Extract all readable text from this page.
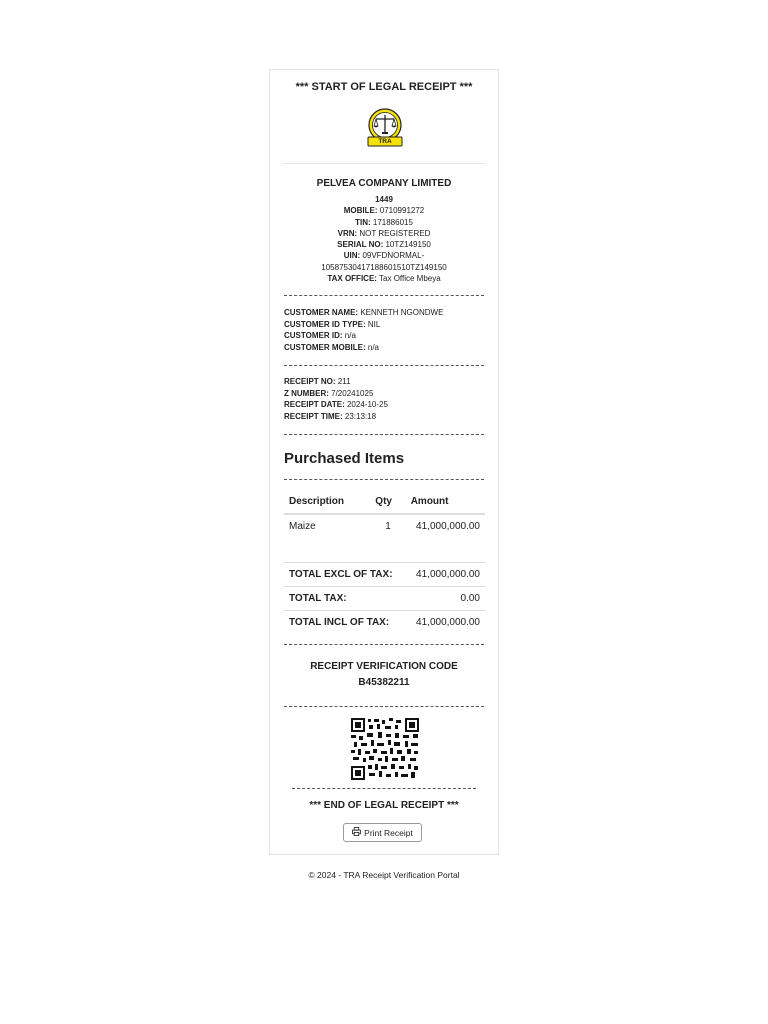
*** START OF LEGAL RECEIPT ***
TRA
PELVEA COMPANY LIMITED
1449
MOBILE: 0710991272
TIN: 171886015
VRN: NOT REGISTERED
SERIAL NO: 10TZ149150
UIN: 09VFDNORMAL-
10587530417188601510TZ149150
TAX OFFICE: Tax Office Mbeya
CUSTOMER NAME: KENNETH NGONDWE
CUSTOMER ID TYPE: NIL
CUSTOMER ID: n/a
CUSTOMER MOBILE: n/a
RECEIPT NO: 211
Z NUMBER: 7/20241025
RECEIPT DATE: 2024-10-25
RECEIPT TIME: 23:13:18
Purchased Items
Description	Qty	Amount
Maize	1	41,000,000.00

TOTAL EXCL OF TAX:		41,000,000.00
TOTAL TAX:		0.00
TOTAL INCL OF TAX:		41,000,000.00
RECEIPT VERIFICATION CODE
B45382211
*** END OF LEGAL RECEIPT ***
Print Receipt
© 2024 - TRA Receipt Verification Portal
